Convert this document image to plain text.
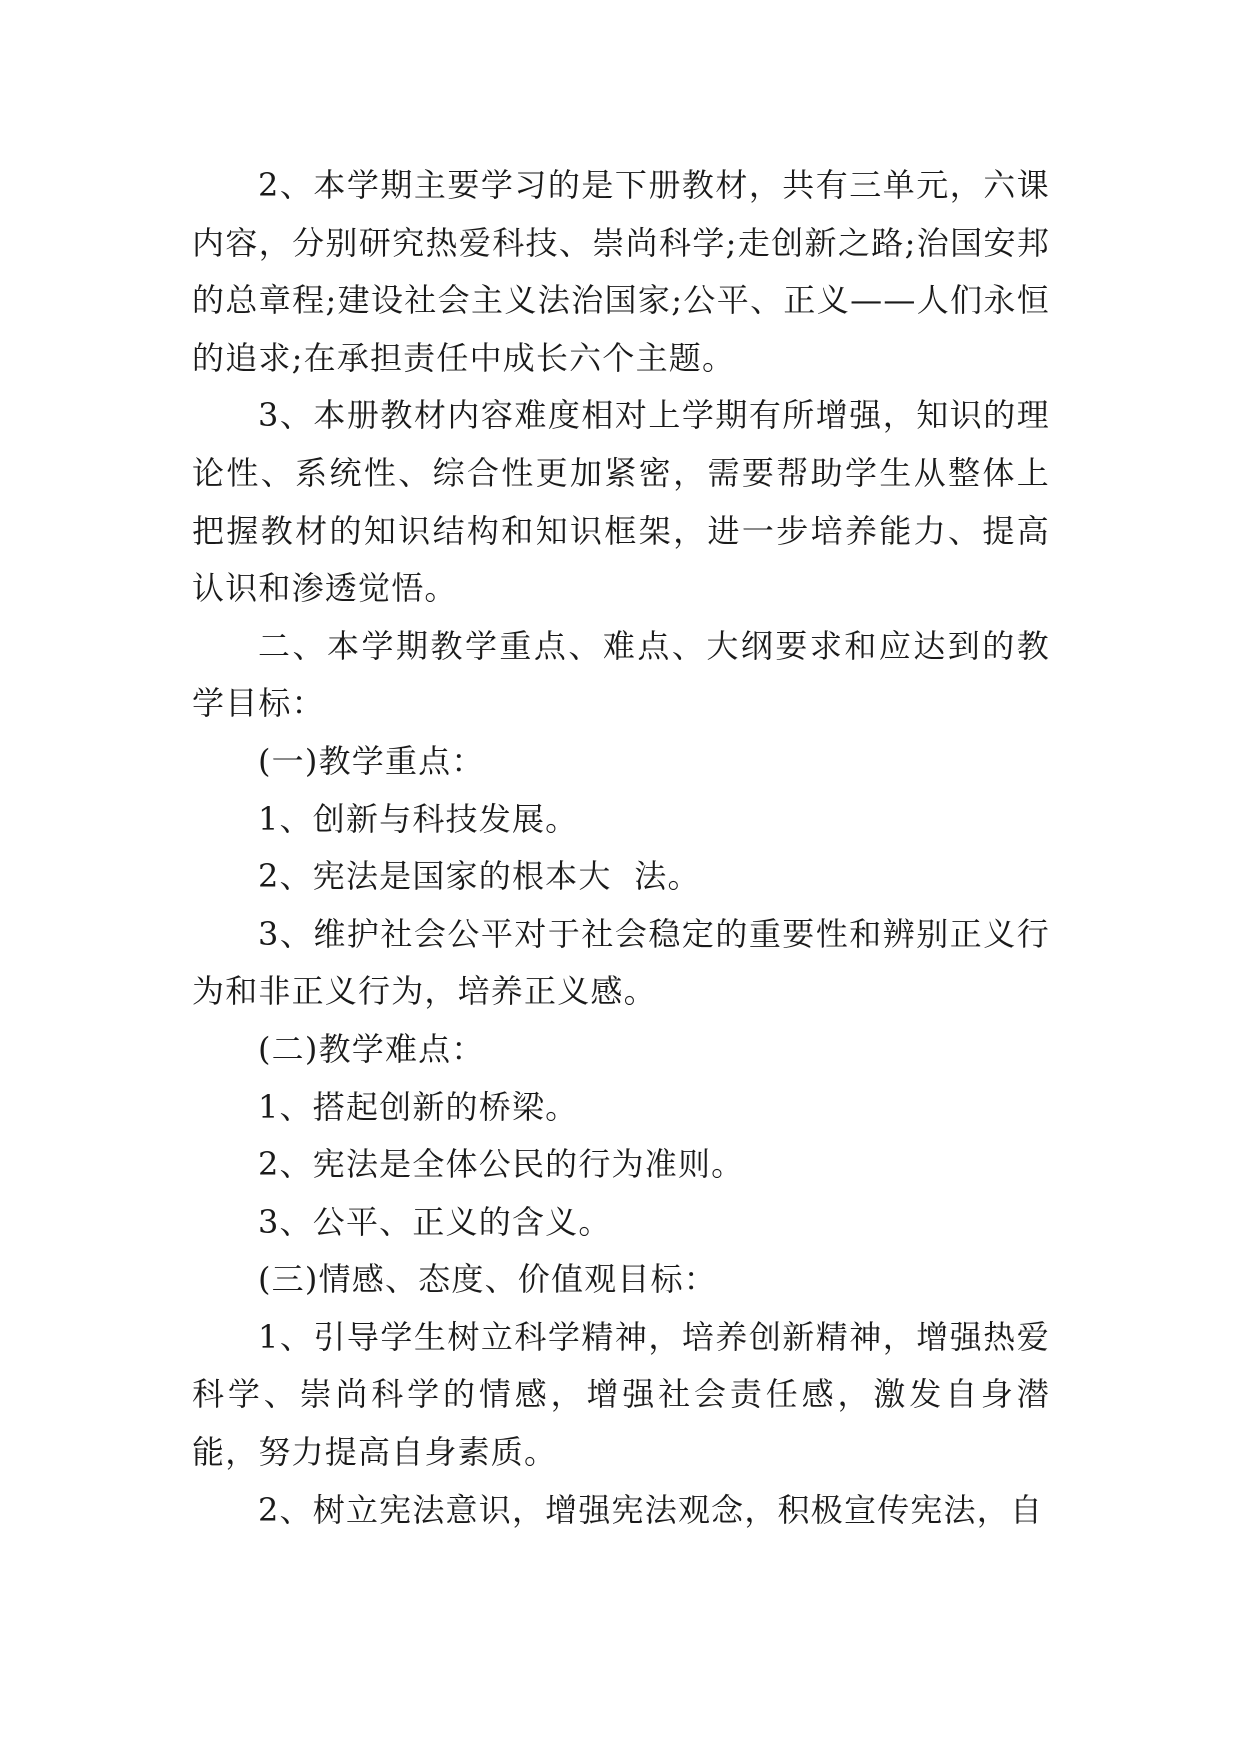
2、本学期主要学习的是下册教材，共有三单元，六课内容，分别研究热爱科技、崇尚科学;走创新之路;治国安邦的总章程;建设社会主义法治国家;公平、正义——人们永恒的追求;在承担责任中成长六个主题。

3、本册教材内容难度相对上学期有所增强，知识的理论性、系统性、综合性更加紧密，需要帮助学生从整体上把握教材的知识结构和知识框架，进一步培养能力、提高认识和渗透觉悟。

二、本学期教学重点、难点、大纲要求和应达到的教学目标：

(一)教学重点：

1、创新与科技发展。

2、宪法是国家的根本大  法。

3、维护社会公平对于社会稳定的重要性和辨别正义行为和非正义行为，培养正义感。

(二)教学难点：

1、搭起创新的桥梁。

2、宪法是全体公民的行为准则。

3、公平、正义的含义。

(三)情感、态度、价值观目标：

1、引导学生树立科学精神，培养创新精神，增强热爱科学、崇尚科学的情感，增强社会责任感，激发自身潜能，努力提高自身素质。

2、树立宪法意识，增强宪法观念，积极宣传宪法，自
